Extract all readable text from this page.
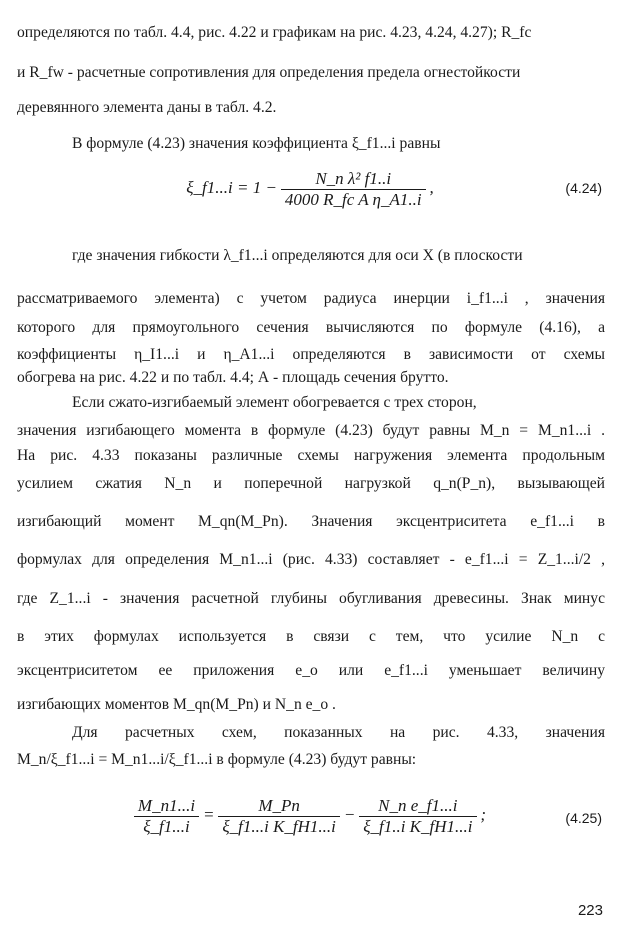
определяются по табл. 4.4, рис. 4.22 и графикам на рис. 4.23, 4.24, 4.27); R_fc
и R_fw - расчетные сопротивления для определения предела огнестойкости
деревянного элемента даны в табл. 4.2.
В формуле (4.23) значения коэффициента ξ_f1...i равны
ξ_f1...i = $1 - \frac{\text{N\_n λ² f1..i}}{\text{4000 R\_fc A η\_A1..i}}$ ,	(4.24)
где значения гибкости λ_f1...i определяются для оси X (в плоскости
рассматриваемого элемента) с учетом радиуса инерции i_f1...i , значения
которого для прямоугольного сечения вычисляются по формуле (4.16), а
коэффициенты η_I1...i и η_A1...i определяются в зависимости от схемы
обогрева на рис. 4.22 и по табл. 4.4; А - площадь сечения брутто.
Если сжато-изгибаемый элемент обогревается с трех сторон,
значения изгибающего момента в формуле (4.23) будут равны M_n = M_n1...i .
На рис. 4.33 показаны различные схемы нагружения элемента продольным
усилием сжатия N_n и поперечной нагрузкой q_n(P_n), вызывающей
изгибающий момент M_qn(M_Pn). Значения эксцентриситета e_f1...i в
формулах для определения M_n1...i (рис. 4.33) составляет - e_f1...i = Z_1...i/2 ,
где Z_1...i - значения расчетной глубины обугливания древесины. Знак минус
в этих формулах используется в связи с тем, что усилие N_n с
эксцентриситетом ее приложения e_o или e_f1...i уменьшает величину
изгибающих моментов M_qn(M_Pn) и N_n e_o .
Для расчетных схем, показанных на рис. 4.33, значения
M_n/ξ_f1...i = M_n1...i/ξ_f1...i в формуле (4.23) будут равны:
$\frac{M\_n1...i}{\xi\_f1...i} = \frac{M\_Pn}{\text{ξ\_f1...i K\_fH1...i}} - \frac{\text{N\_n e\_f1...i}}{\text{ξ\_f1..i K\_fH1...i}}$ ;	(4.25)
223
